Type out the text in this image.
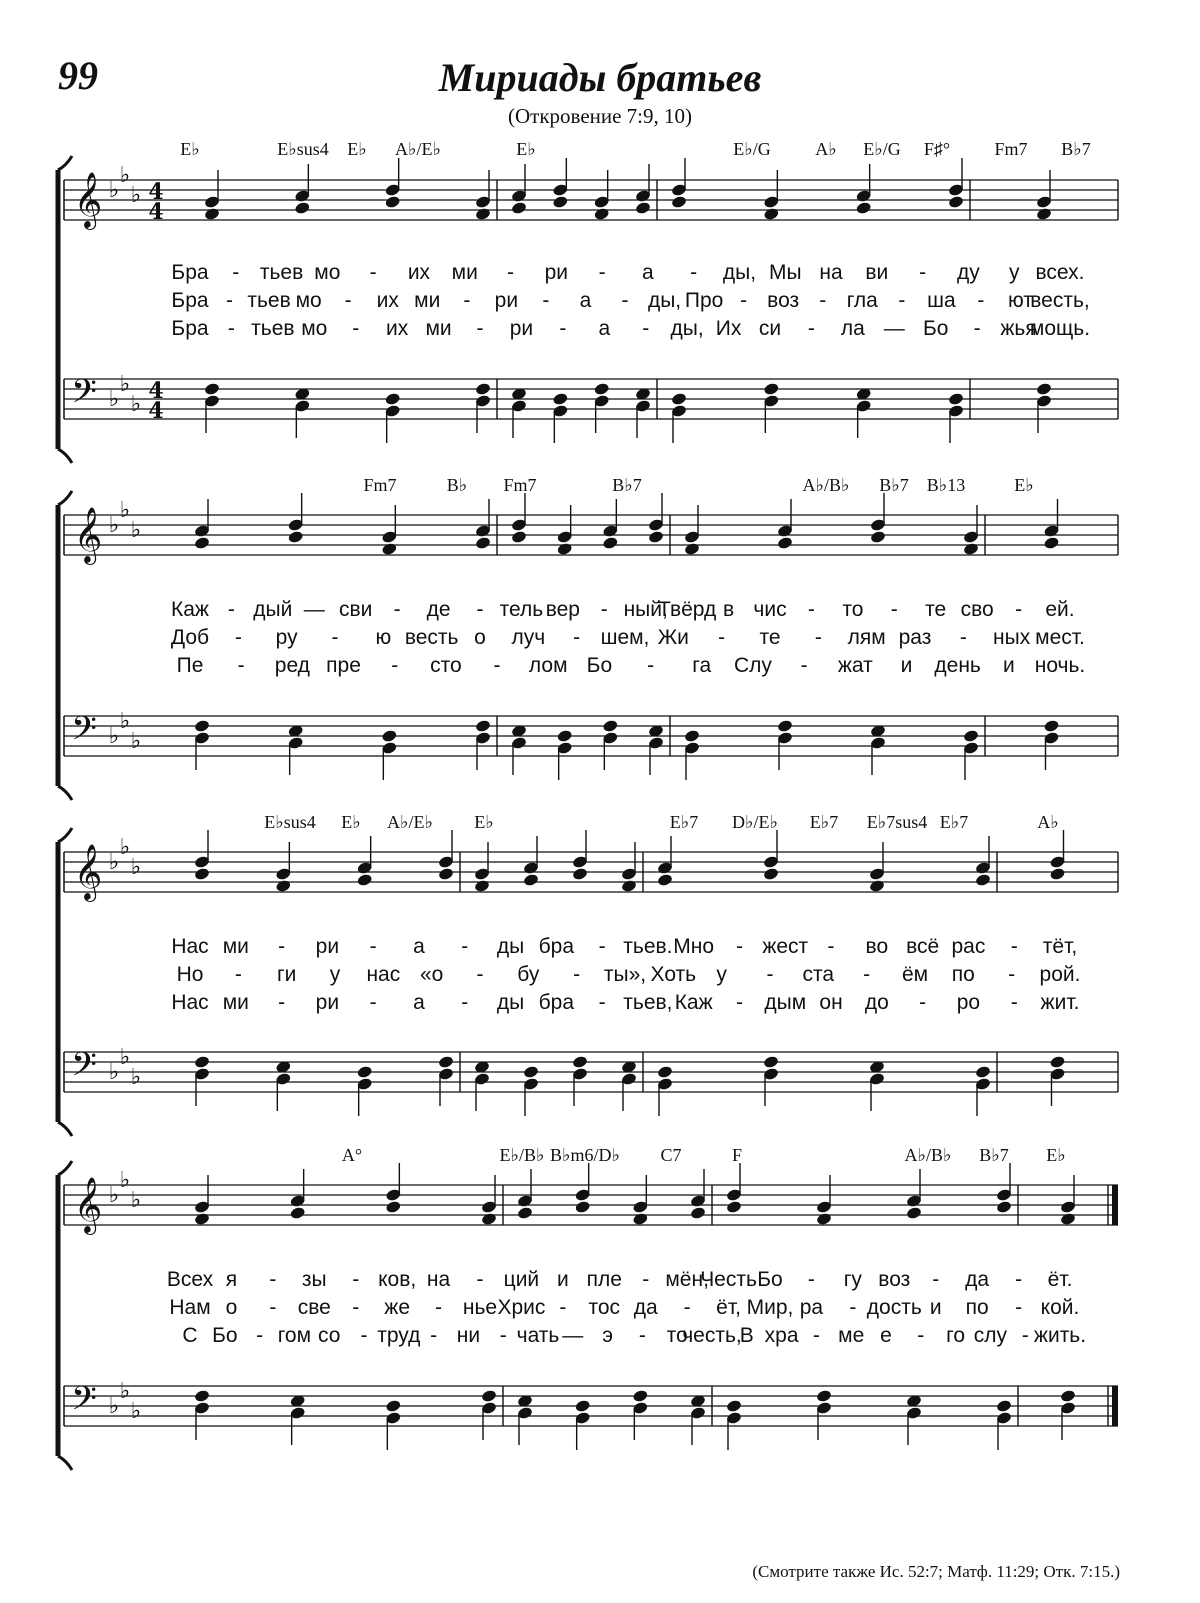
99	Мириады братьев
(Откровение 7:9, 10)
𝄞 ♭
♭
♭ 4
4
𝄢 ♭
♭
♭
4
4
𝄞 ♭
♭
♭
𝄢 ♭
♭
♭
𝄞 ♭
♭
♭
𝄢 ♭
♭
♭
𝄞 ♭
♭
♭
𝄢 ♭
♭
♭
E♭	E♭sus4 E♭ A♭/E♭	E♭	E♭/G A♭ E♭/G F♯° Fm7 B♭7
Бра - тьев мо - их ми - ри - а - ды, Мы на ви - ду у всех.
Бра - тьев мо - их ми - ри - а - ды, Про - воз - гла - ша - ют
весть,
Бра - тьев мо - их ми - ри - а - ды, Их си - ла — Бо - жья
мощь.
Fm7	B♭ Fm7	B♭7	A♭/B♭ B♭7 B♭13	E♭
Каж - дый — сви - де - тель вер - ный,
Твёрд в чис - то - те сво - ей.
Доб - ру - ю весть о луч - шем, Жи - те - лям раз - ных мест.
Пе - ред пре - сто - лом Бо - га Слу - жат и день и ночь.
E♭sus4 E♭ A♭/E♭ E♭	E♭7 D♭/E♭ E♭7 E♭7sus4 E♭7	A♭
Нас ми - ри - а - ды бра - тьев. Мно - жест - во всё рас - тёт,
Но - ги у нас «о - бу - ты», Хоть у - ста - ём по - рой.
Нас ми - ри - а - ды бра - тьев, Каж - дым он до - ро - жит.
A°	E♭/B♭ B♭m6/D♭ C7	F	A♭/B♭ B♭7 E♭
Всех я - зы - ков, на - ций и пле - мён,
Честь Бо - гу воз - да - ёт.
Нам о - све - же - нье Хрис - тос да - ёт, Мир, ра - дость и по - кой.
С Бо - гом со - труд - ни - чать — э - то
честь,
В хра - ме е - го слу - жить.
(Смотрите также Ис. 52:7; Матф. 11:29; Отк. 7:15.)
